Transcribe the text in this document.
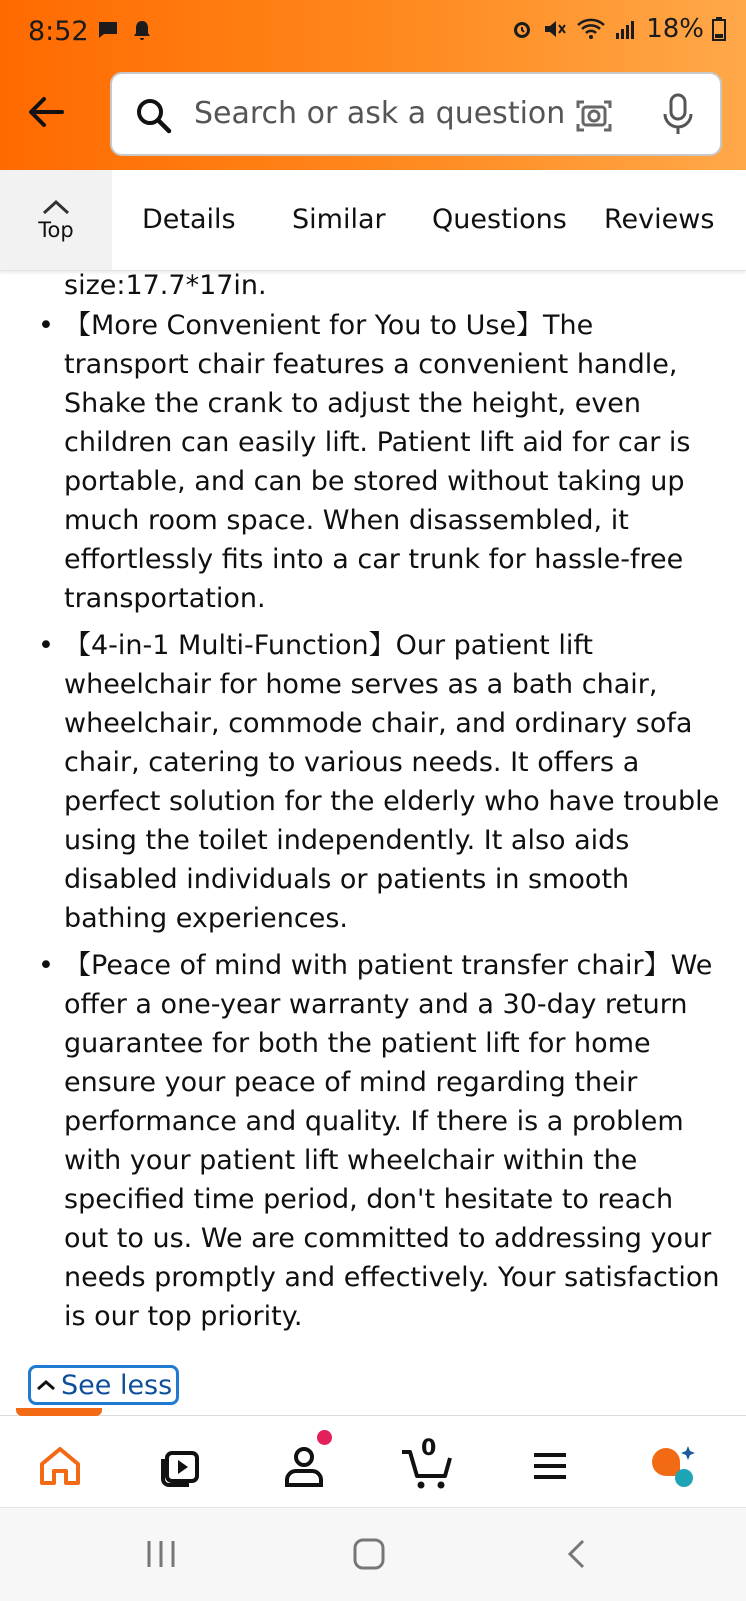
8:52	18%
Search or ask a question
Top	Details Similar Questions Reviews
size:17.7*17in.
• 【More Convenient for You to Use】The transport chair features a convenient handle, Shake the crank to adjust the height, even children can easily lift. Patient lift aid for car is portable, and can be stored without taking up much room space. When disassembled, it effortlessly fits into a car trunk for hassle-free transportation.
• 【4-in-1 Multi-Function】Our patient lift wheelchair for home serves as a bath chair, wheelchair, commode chair, and ordinary sofa chair, catering to various needs. It offers a perfect solution for the elderly who have trouble using the toilet independently. It also aids disabled individuals or patients in smooth bathing experiences.
• 【Peace of mind with patient transfer chair】We offer a one-year warranty and a 30-day return guarantee for both the patient lift for home ensure your peace of mind regarding their performance and quality. If there is a problem with your patient lift wheelchair within the specified time period, don't hesitate to reach out to us. We are committed to addressing your needs promptly and effectively. Your satisfaction is our top priority.
See less
0
